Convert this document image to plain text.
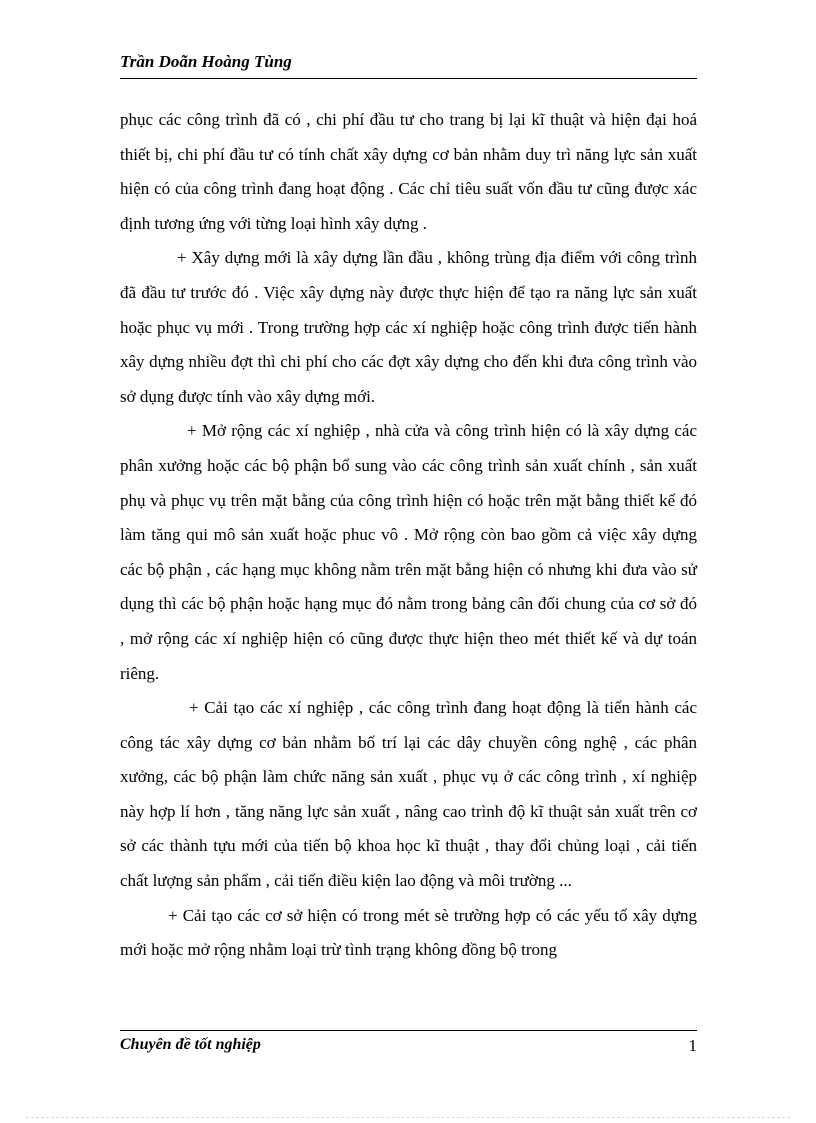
Trần Doãn Hoàng Tùng

phục các công trình đã có , chi phí đầu tư cho trang bị lại kĩ thuật và hiện đại hoá thiết bị, chi phí đầu tư có tính chất xây dựng cơ bản nhằm duy trì năng lực sản xuất hiện có của công trình đang hoạt động . Các chỉ tiêu suất vốn đầu tư cũng được xác định tương ứng với từng loại hình xây dựng .

+ Xây dựng mới là xây dựng lần đầu , không trùng địa điểm với công trình đã đầu tư trước đó . Việc xây dựng này được thực hiện để tạo ra năng lực sản xuất hoặc phục vụ mới . Trong trường hợp các xí nghiệp hoặc công trình được tiến hành xây dựng nhiều đợt thì chi phí cho các đợt xây dựng cho đến khi đưa công trình vào sở dụng được tính vào xây dựng mới.

+ Mở rộng các xí nghiệp , nhà cửa và công trình hiện có là xây dựng các phân xưởng hoặc các bộ phận bổ sung vào các công trình sản xuất chính , sản xuất phụ và phục vụ trên mặt bằng của công trình hiện có hoặc trên mặt bằng thiết kế đó làm tăng qui mô sản xuất hoặc phuc vô . Mở rộng còn bao gồm cả việc xây dựng các bộ phận , các hạng mục không nằm trên mặt bằng hiện có nhưng khi đưa vào sử dụng thì các bộ phận hoặc hạng mục đó nằm trong bảng cân đối chung của cơ sở đó , mở rộng các xí nghiệp hiện có cũng được thực hiện theo mét thiết kế và dự toán riêng.

+ Cải tạo các xí nghiệp , các công trình đang hoạt động là tiến hành các công tác xây dựng cơ bản nhằm bố trí lại các dây chuyền công nghệ , các phân xưởng, các bộ phận làm chức năng sản xuất , phục vụ ở các công trình , xí nghiệp này hợp lí hơn , tăng năng lực sản xuất , nâng cao trình độ kĩ thuật sản xuất trên cơ sở các thành tựu mới của tiến bộ khoa học kĩ thuật , thay đổi chủng loại , cải tiến chất lượng sản phẩm , cải tiến điều kiện lao động và môi trường ...

+ Cải tạo các cơ sở hiện có trong mét sè trường hợp có các yếu tố xây dựng mới hoặc mở rộng nhằm loại trừ tình trạng không đồng bộ trong

Chuyên đề tốt nghiệp	1
